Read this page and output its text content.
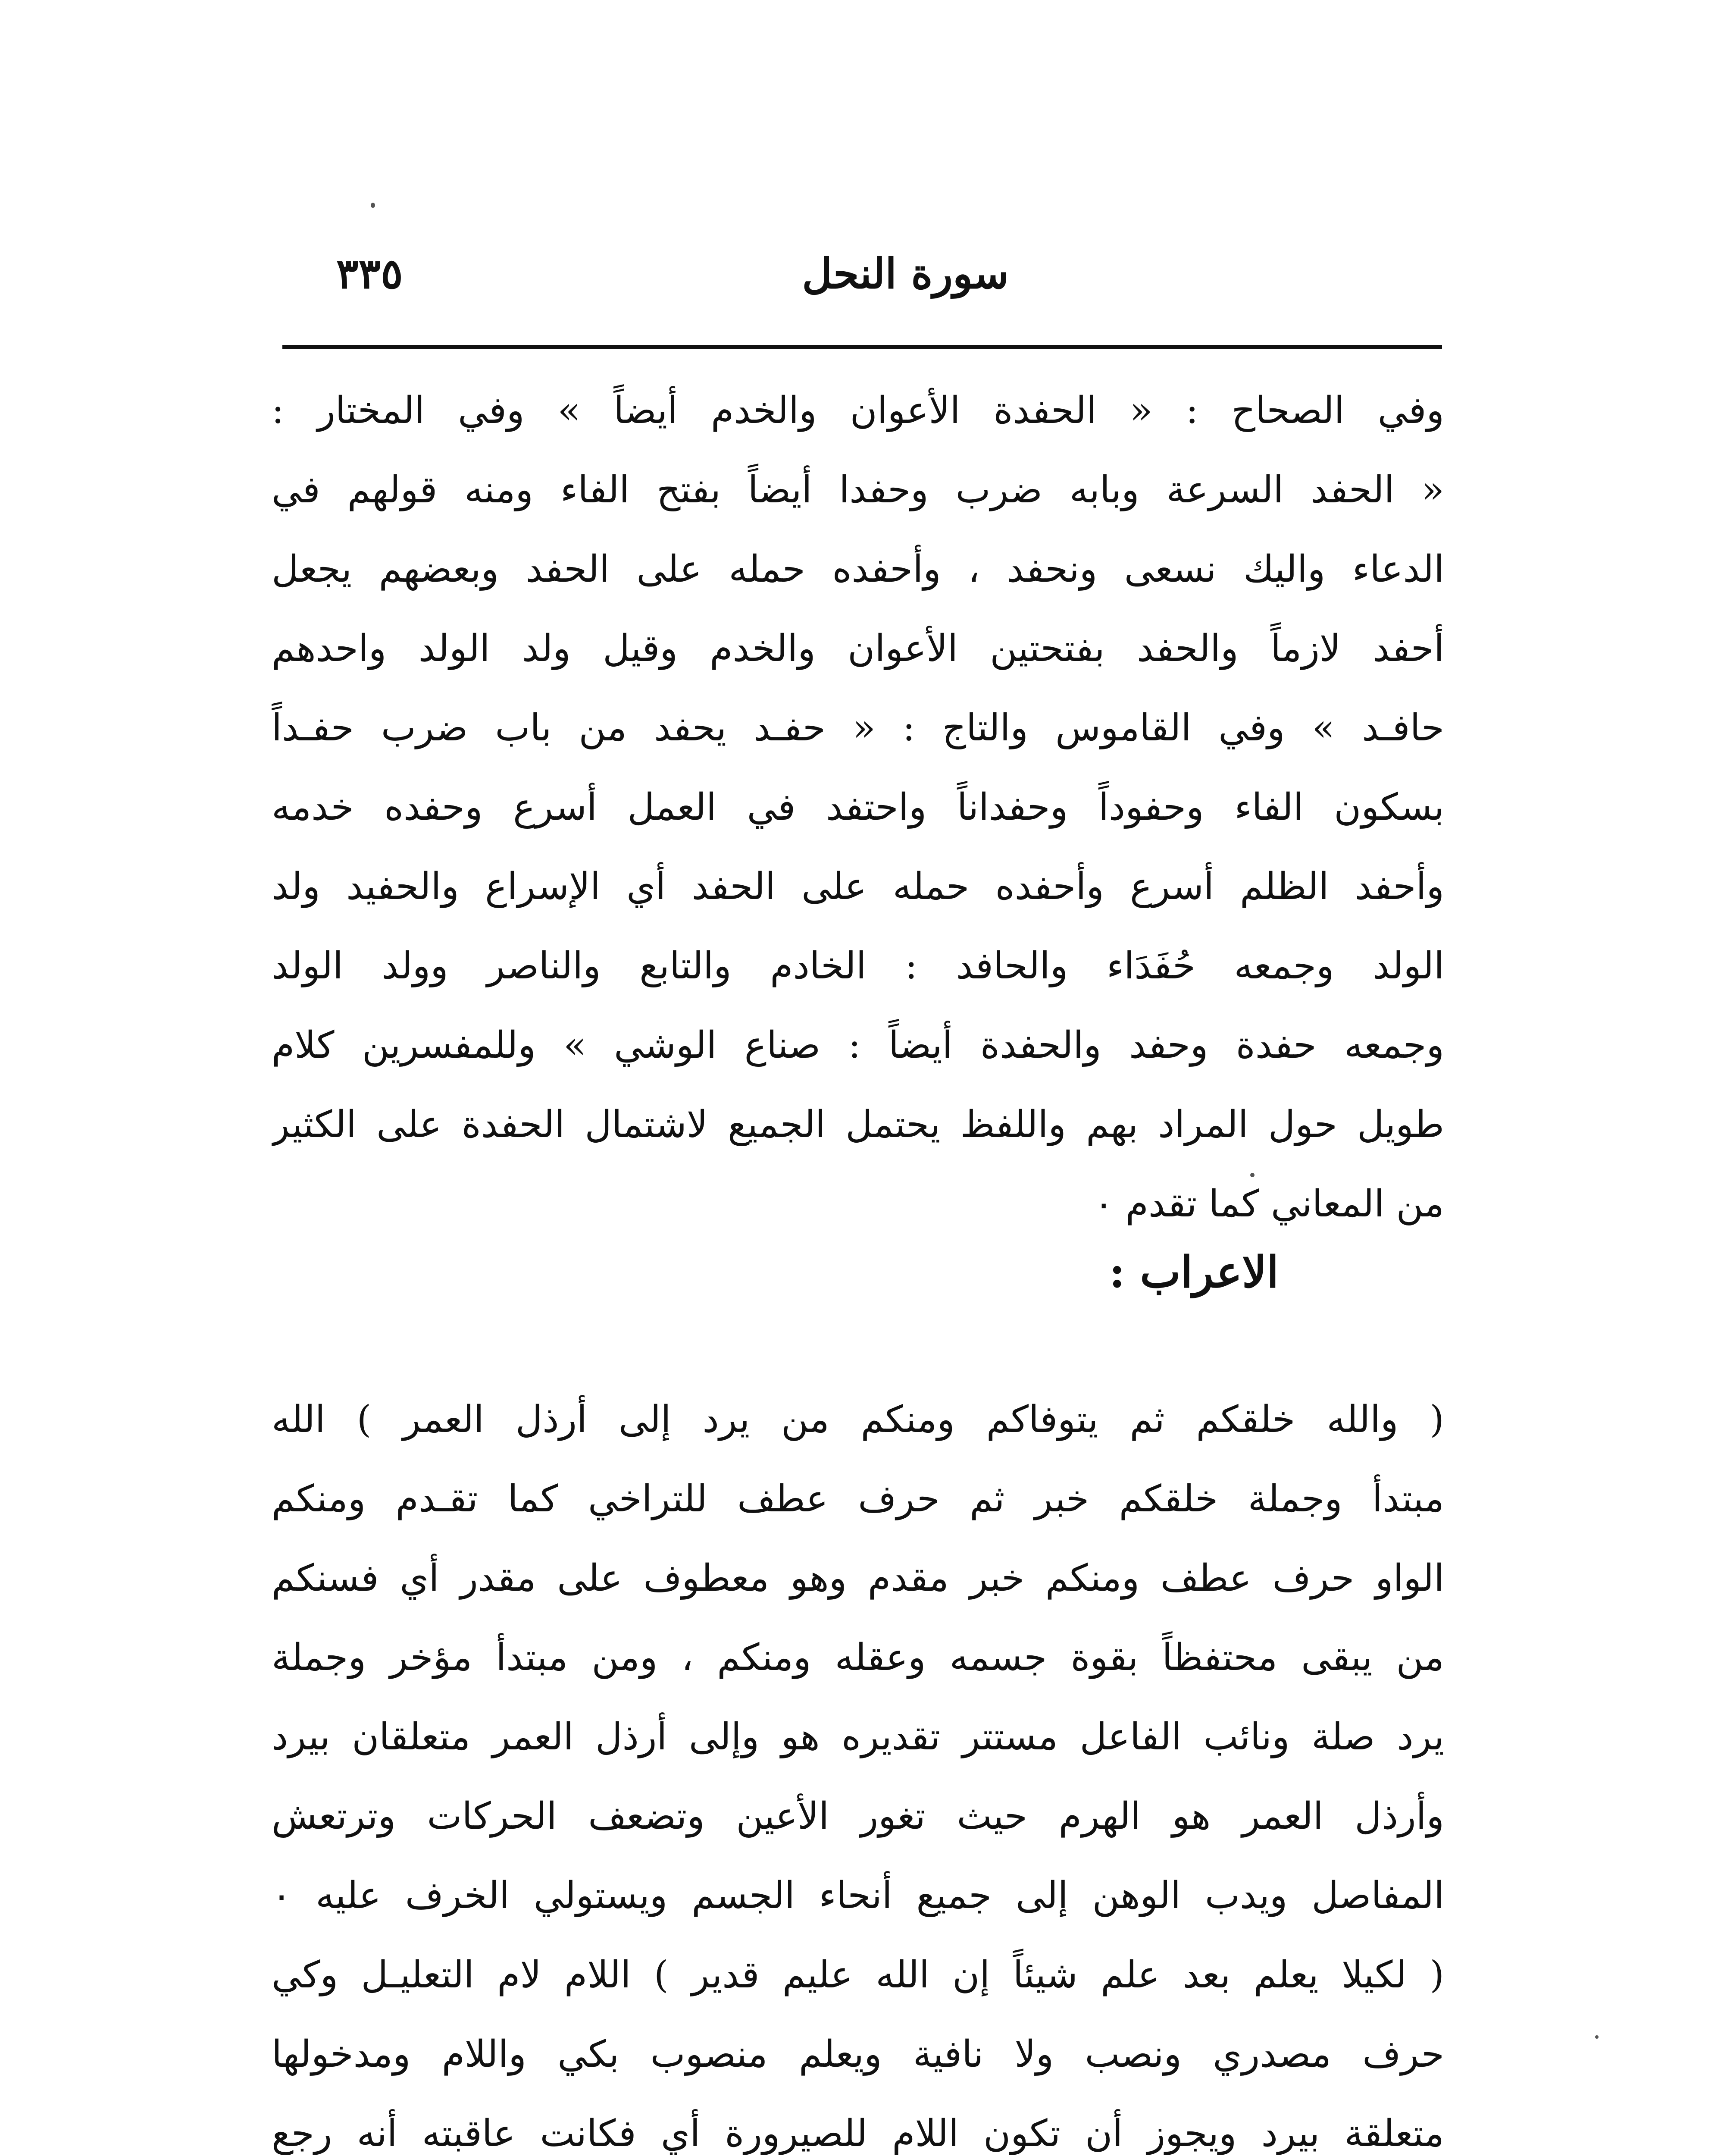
سورة النحل
٣٣٥
وفي الصحاح : « الحفدة الأعوان والخدم أيضاً » وفي المختار :
« الحفد السرعة وبابه ضرب وحفدا أيضاً بفتح الفاء ومنه قولهم في
الدعاء واليك نسعى ونحفد ، وأحفده حمله على الحفد وبعضهم يجعل
أحفد لازماً والحفد بفتحتين الأعوان والخدم وقيل ولد الولد واحدهم
حافـد » وفي القاموس والتاج : « حفـد يحفد من باب ضرب حفـداً
بسكون الفاء وحفوداً وحفداناً واحتفد في العمل أسرع وحفده خدمه
وأحفد الظلم أسرع وأحفده حمله على الحفد أي الإسراع والحفيد ولد
الولد وجمعه حُفَدَاء والحافد : الخادم والتابع والناصر وولد الولد
وجمعه حفدة وحفد والحفدة أيضاً : صناع الوشي » وللمفسرين كلام
طويل حول المراد بهم واللفظ يحتمل الجميع لاشتمال الحفدة على الكثير
من المعاني كما تقدم ٠
الاعراب :
( والله خلقكم ثم يتوفاكم ومنكم من يرد إلى أرذل العمر ) الله
مبتدأ وجملة خلقكم خبر ثم حرف عطف للتراخي كما تقـدم ومنكم
الواو حرف عطف ومنكم خبر مقدم وهو معطوف على مقدر أي فسنكم
من يبقى محتفظاً بقوة جسمه وعقله ومنكم ، ومن مبتدأ مؤخر وجملة
يرد صلة ونائب الفاعل مستتر تقديره هو وإلى أرذل العمر متعلقان بيرد
وأرذل العمر هو الهرم حيث تغور الأعين وتضعف الحركات وترتعش
المفاصل ويدب الوهن إلى جميع أنحاء الجسم ويستولي الخرف عليه ٠
( لكيلا يعلم بعد علم شيئاً إن الله عليم قدير ) اللام لام التعليـل وكي
حرف مصدري ونصب ولا نافية ويعلم منصوب بكي واللام ومدخولها
متعلقة بيرد ويجوز أن تكون اللام للصيرورة أي فكانت عاقبته أنه رجع
